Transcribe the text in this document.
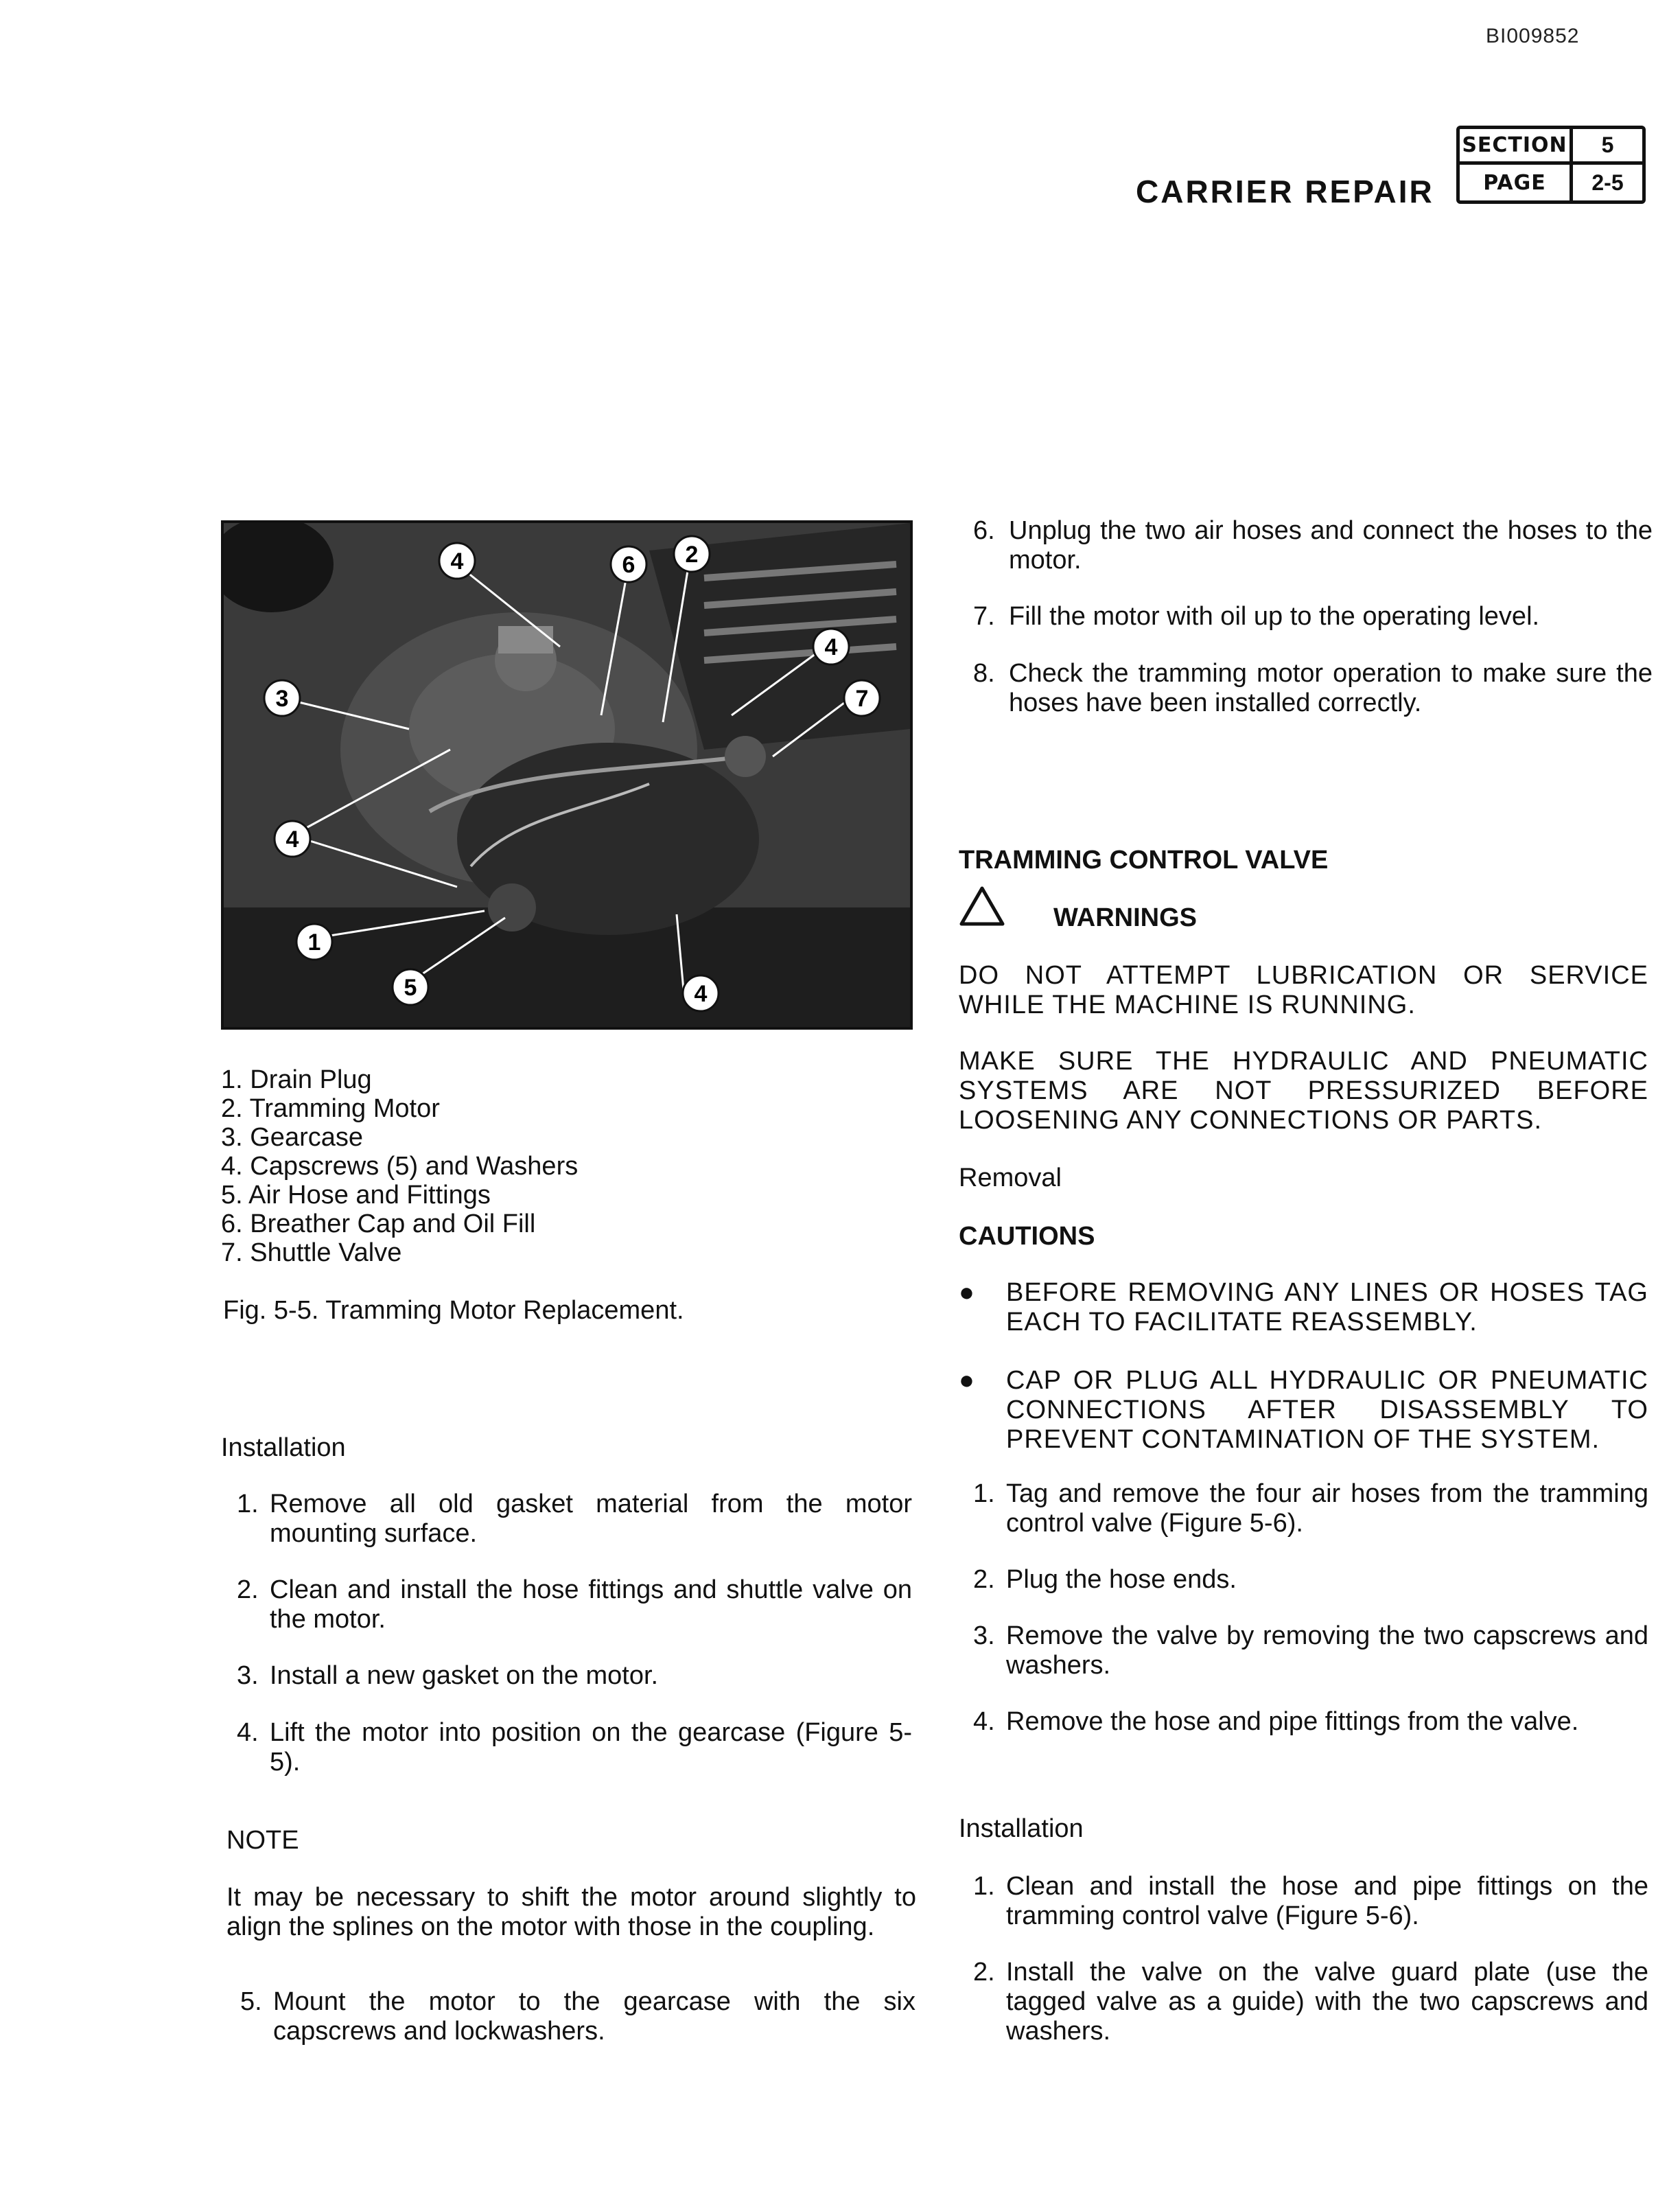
BI009852
CARRIER REPAIR
SECTION	5
PAGE	2-5
4	6 2
4
3	7
4
1
5	4
1. Drain Plug
2. Tramming Motor
3. Gearcase
4. Capscrews (5) and Washers
5. Air Hose and Fittings
6. Breather Cap and Oil Fill
7. Shuttle Valve
Fig. 5-5. Tramming Motor Replacement.
Installation
1. Remove all old gasket material from the motor mounting surface.
2. Clean and install the hose fittings and shuttle valve on the motor.
3. Install a new gasket on the motor.
4. Lift the motor into position on the gearcase (Figure 5-5).
NOTE
It may be necessary to shift the motor around slightly to align the splines on the motor with those in the coupling.
5. Mount the motor to the gearcase with the six capscrews and lockwashers.
6. Unplug the two air hoses and connect the hoses to the motor.
7. Fill the motor with oil up to the operating level.
8. Check the tramming motor operation to make sure the hoses have been installed correctly.
TRAMMING CONTROL VALVE
WARNINGS
DO NOT ATTEMPT LUBRICATION OR SERVICE WHILE THE MACHINE IS RUNNING.
MAKE SURE THE HYDRAULIC AND PNEUMATIC SYSTEMS ARE NOT PRESSURIZED BEFORE LOOSENING ANY CONNECTIONS OR PARTS.
Removal
CAUTIONS
● BEFORE REMOVING ANY LINES OR HOSES TAG EACH TO FACILITATE REASSEMBLY.
● CAP OR PLUG ALL HYDRAULIC OR PNEUMATIC CONNECTIONS AFTER DISASSEMBLY TO PREVENT CONTAMINATION OF THE SYSTEM.
1. Tag and remove the four air hoses from the tramming control valve (Figure 5-6).
2. Plug the hose ends.
3. Remove the valve by removing the two capscrews and washers.
4. Remove the hose and pipe fittings from the valve.
Installation
1. Clean and install the hose and pipe fittings on the tramming control valve (Figure 5-6).
2. Install the valve on the valve guard plate (use the tagged valve as a guide) with the two capscrews and washers.
